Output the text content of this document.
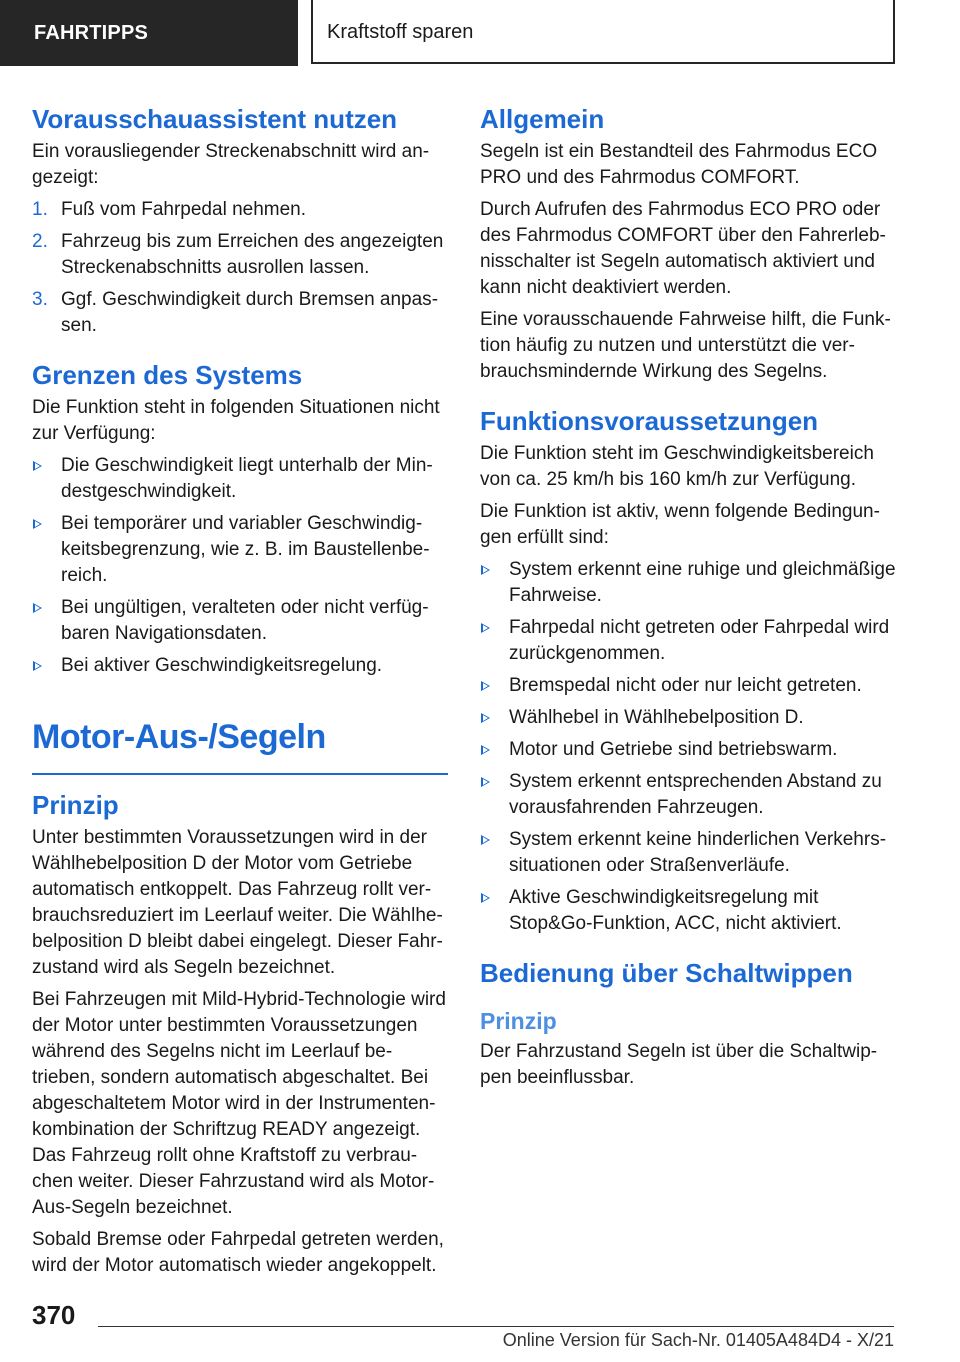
FAHRTIPPS	Kraftstoff sparen
Vorausschauassistent nutzen

Ein vorausliegender Streckenabschnitt wird angezeigt:

1. Fuß vom Fahrpedal nehmen.
2. Fahrzeug bis zum Erreichen des angezeigten Streckenabschnitts ausrollen lassen.
3. Ggf. Geschwindigkeit durch Bremsen anpassen.
Grenzen des Systems

Die Funktion steht in folgenden Situationen nicht zur Verfügung:

Die Geschwindigkeit liegt unterhalb der Mindestgeschwindigkeit.
Bei temporärer und variabler Geschwindigkeitsbegrenzung, wie z. B. im Baustellenbereich.
Bei ungültigen, veralteten oder nicht verfügbaren Navigationsdaten.
Bei aktiver Geschwindigkeitsregelung.
Motor-Aus-/Segeln
Prinzip

Unter bestimmten Voraussetzungen wird in der Wählhebelposition D der Motor vom Getriebe automatisch entkoppelt. Das Fahrzeug rollt verbrauchsreduziert im Leerlauf weiter. Die Wählhebelposition D bleibt dabei eingelegt. Dieser Fahrzustand wird als Segeln bezeichnet.

Bei Fahrzeugen mit Mild-Hybrid-Technologie wird der Motor unter bestimmten Voraussetzungen während des Segelns nicht im Leerlauf betrieben, sondern automatisch abgeschaltet. Bei abgeschaltetem Motor wird in der Instrumentenkombination der Schriftzug READY angezeigt. Das Fahrzeug rollt ohne Kraftstoff zu verbrauchen weiter. Dieser Fahrzustand wird als Motor-Aus-Segeln bezeichnet.

Sobald Bremse oder Fahrpedal getreten werden, wird der Motor automatisch wieder angekoppelt.

Allgemein

Segeln ist ein Bestandteil des Fahrmodus ECO PRO und des Fahrmodus COMFORT.

Durch Aufrufen des Fahrmodus ECO PRO oder des Fahrmodus COMFORT über den Fahrerlebnisschalter ist Segeln automatisch aktiviert und kann nicht deaktiviert werden.

Eine vorausschauende Fahrweise hilft, die Funktion häufig zu nutzen und unterstützt die verbrauchsmindernde Wirkung des Segelns.

Funktionsvoraussetzungen

Die Funktion steht im Geschwindigkeitsbereich von ca. 25 km/h bis 160 km/h zur Verfügung.

Die Funktion ist aktiv, wenn folgende Bedingungen erfüllt sind:

System erkennt eine ruhige und gleichmäßige Fahrweise.
Fahrpedal nicht getreten oder Fahrpedal wird zurückgenommen.
Bremspedal nicht oder nur leicht getreten.
Wählhebel in Wählhebelposition D.
Motor und Getriebe sind betriebswarm.
System erkennt entsprechenden Abstand zu vorausfahrenden Fahrzeugen.
System erkennt keine hinderlichen Verkehrssituationen oder Straßenverläufe.
Aktive Geschwindigkeitsregelung mit Stop&Go-Funktion, ACC, nicht aktiviert.
Bedienung über Schaltwippen
Prinzip

Der Fahrzustand Segeln ist über die Schaltwippen beeinflussbar.

370
Online Version für Sach-Nr. 01405A484D4 - X/21
